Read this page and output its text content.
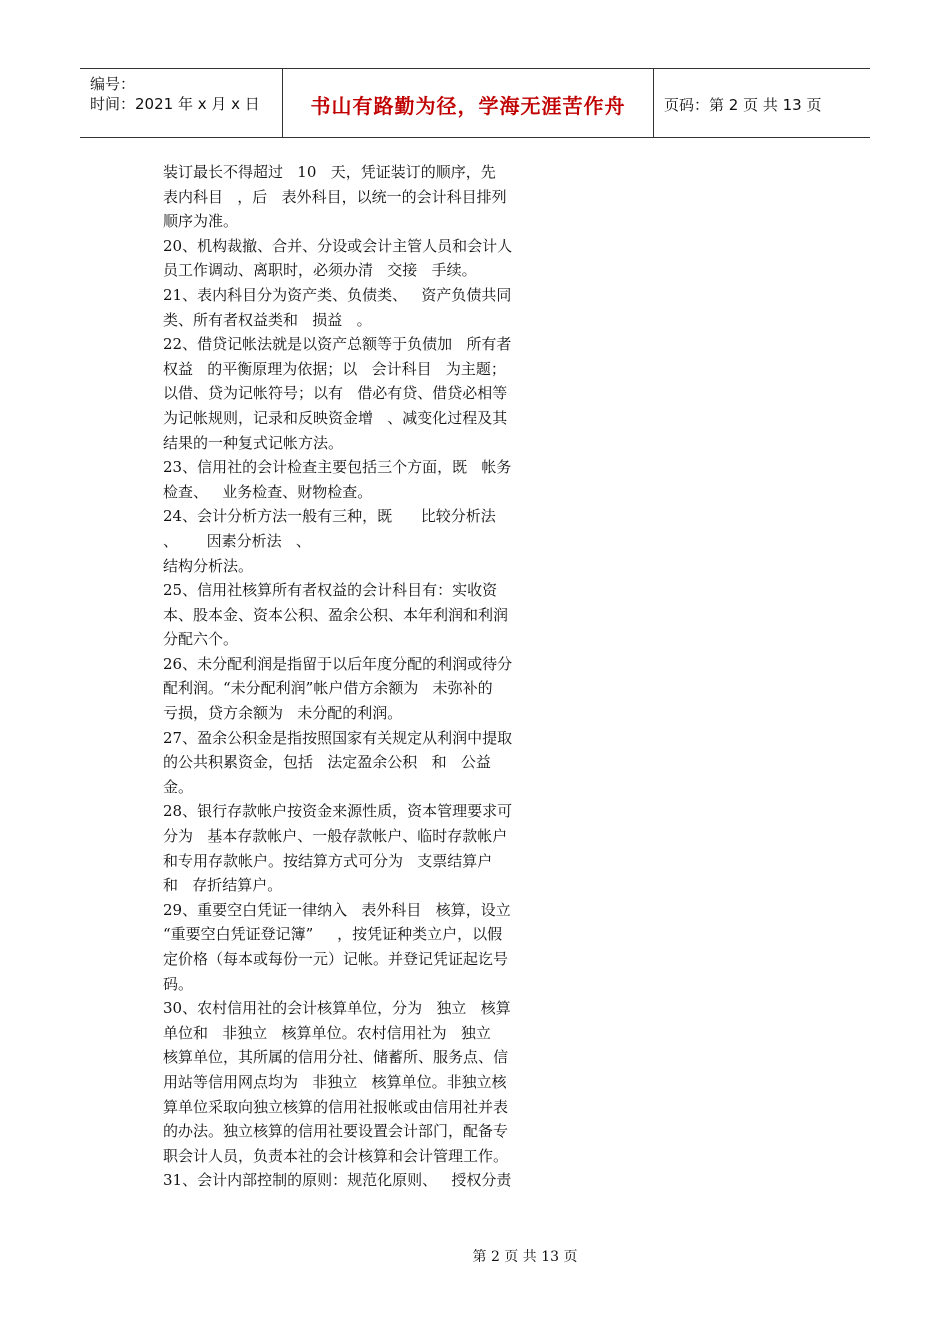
编号：
时间：2021 年 x 月 x 日	书山有路勤为径，学海无涯苦作舟	页码：第 2 页 共 13 页
装订最长不得超过   10   天，凭证装订的顺序，先
表内科目   ，后   表外科目，以统一的会计科目排列
顺序为准。
20、机构裁撤、合并、分设或会计主管人员和会计人
员工作调动、离职时，必须办清   交接   手续。
21、表内科目分为资产类、负债类、   资产负债共同
类、所有者权益类和   损益   。
22、借贷记帐法就是以资产总额等于负债加   所有者
权益   的平衡原理为依据；以   会计科目   为主题；
以借、贷为记帐符号；以有   借必有贷、借贷必相等
为记帐规则，记录和反映资金增   、减变化过程及其
结果的一种复式记帐方法。
23、信用社的会计检查主要包括三个方面，既   帐务
检查、   业务检查、财物检查。
24、会计分析方法一般有三种，既      比较分析法
、      因素分析法   、
结构分析法。
25、信用社核算所有者权益的会计科目有：实收资
本、股本金、资本公积、盈余公积、本年利润和利润
分配六个。
26、未分配利润是指留于以后年度分配的利润或待分
配利润。“未分配利润”帐户借方余额为   未弥补的
亏损，贷方余额为   未分配的利润。
27、盈余公积金是指按照国家有关规定从利润中提取
的公共积累资金，包括   法定盈余公积   和   公益
金。
28、银行存款帐户按资金来源性质，资本管理要求可
分为   基本存款帐户、一般存款帐户、临时存款帐户
和专用存款帐户。按结算方式可分为   支票结算户
和   存折结算户。
29、重要空白凭证一律纳入   表外科目   核算，设立
“重要空白凭证登记簿”     ，按凭证种类立户，以假
定价格（每本或每份一元）记帐。并登记凭证起讫号
码。
30、农村信用社的会计核算单位，分为   独立   核算
单位和   非独立   核算单位。农村信用社为   独立
核算单位，其所属的信用分社、储蓄所、服务点、信
用站等信用网点均为   非独立   核算单位。非独立核
算单位采取向独立核算的信用社报帐或由信用社并表
的办法。独立核算的信用社要设置会计部门，配备专
职会计人员，负责本社的会计核算和会计管理工作。
31、会计内部控制的原则：规范化原则、   授权分责
第 2 页 共 13 页
